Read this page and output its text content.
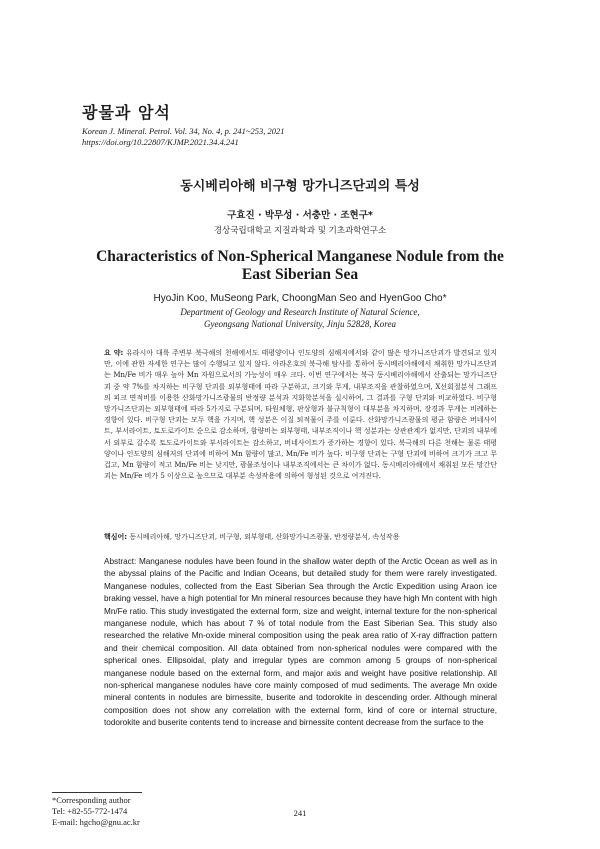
광물과 암석
Korean J. Mineral. Petrol. Vol. 34, No. 4, p. 241~253, 2021
https://doi.org/10.22807/KJMP.2021.34.4.241
동시베리아해 비구형 망가니즈단괴의 특성
구효진 · 박무성 · 서충만 · 조현구*
경상국립대학교 지질과학과 및 기초과학연구소
Characteristics of Non-Spherical Manganese Nodule from the East Siberian Sea
HyoJin Koo, MuSeong Park, ChoongMan Seo and HyenGoo Cho*
Department of Geology and Research Institute of Natural Science,
Gyeongsang National University, Jinju 52828, Korea
요 약: 유라시아 대륙 주변부 북극해의 천해에서도 태평양이나 인도양의 심해저에서와 같이 많은 망가니즈단괴가 발견되고 있지만, 이에 관한 자세한 연구는 많이 수행되고 있지 않다. 아라온호의 북극해 탐사를 통하여 동시베리아해에서 채취한 망가니즈단괴는 Mn/Fe 비가 매우 높아 Mn 자원으로서의 가능성이 매우 크다. 이번 연구에서는 북극 동시베리아해에서 산출되는 망가니즈단괴 중 약 7%를 차지하는 비구형 단괴를 외부형태에 따라 구분하고, 크기와 무게, 내부조직을 관찰하였으며, X선회절분석 그래프의 피크 면적비를 이용한 산화망가니즈광물의 반정량 분석과 지화학분석을 실시하여, 그 결과를 구형 단괴와 비교하였다. 비구형 망가니즈단괴는 외부형태에 따라 5가지로 구분되며, 타원체형, 판상형과 불규칙형이 대부분을 차지하며, 장경과 무게는 비례하는 경향이 있다. 비구형 단괴는 모두 핵을 가지며, 핵 성분은 이질 퇴적물이 주를 이룬다. 산화망가니즈광물의 평균 함량은 버네사이트, 부서라이트, 토도로카이트 순으로 감소하며, 함량비는 외부형태, 내부조직이나 핵 성분과는 상관관계가 없지만, 단괴의 내부에서 외부로 갈수록 토도로카이트와 부서라이트는 감소하고, 버네사이트가 증가하는 경향이 있다. 북극해의 다른 천해는 물론 태평양이나 인도양의 심해저의 단괴에 비하여 Mn 함량이 많고, Mn/Fe 비가 높다. 비구형 단괴는 구형 단괴에 비하여 크기가 크고 무겁고, Mn 함량이 적고 Mn/Fe 비는 낮지만, 광물조성이나 내부조직에서는 큰 차이가 없다. 동시베리아해에서 채취된 모든 망간단괴는 Mn/Fe 비가 5 이상으로 높으므로 대부분 속성작용에 의하여 형성된 것으로 여겨진다.
핵심어: 동시베리아해, 망가니즈단괴, 비구형, 외부형태, 산화망가니즈광물, 반정량분석, 속성작용
Abstract: Manganese nodules have been found in the shallow water depth of the Arctic Ocean as well as in the abyssal plains of the Pacific and Indian Oceans, but detailed study for them were rarely investigated. Manganese nodules, collected from the East Siberian Sea through the Arctic Expedition using Araon ice braking vessel, have a high potential for Mn mineral resources because they have high Mn content with high Mn/Fe ratio. This study investigated the external form, size and weight, internal texture for the non-spherical manganese nodule, which has about 7 % of total nodule from the East Siberian Sea. This study also researched the relative Mn-oxide mineral composition using the peak area ratio of X-ray diffraction pattern and their chemical composition. All data obtained from non-spherical nodules were compared with the spherical ones. Ellipsoidal, platy and irregular types are common among 5 groups of non-spherical manganese nodule based on the external form, and major axis and weight have positive relationship. All non-spherical manganese nodules have core mainly composed of mud sediments. The average Mn oxide mineral contents in nodules are birnessite, buserite and todorokite in descending order. Although mineral composition does not show any correlation with the external form, kind of core or internal structure, todorokite and buserite contents tend to increase and birnessite content decrease from the surface to the
*Corresponding author
Tel: +82-55-772-1474
E-mail: hgcho@gnu.ac.kr
241
